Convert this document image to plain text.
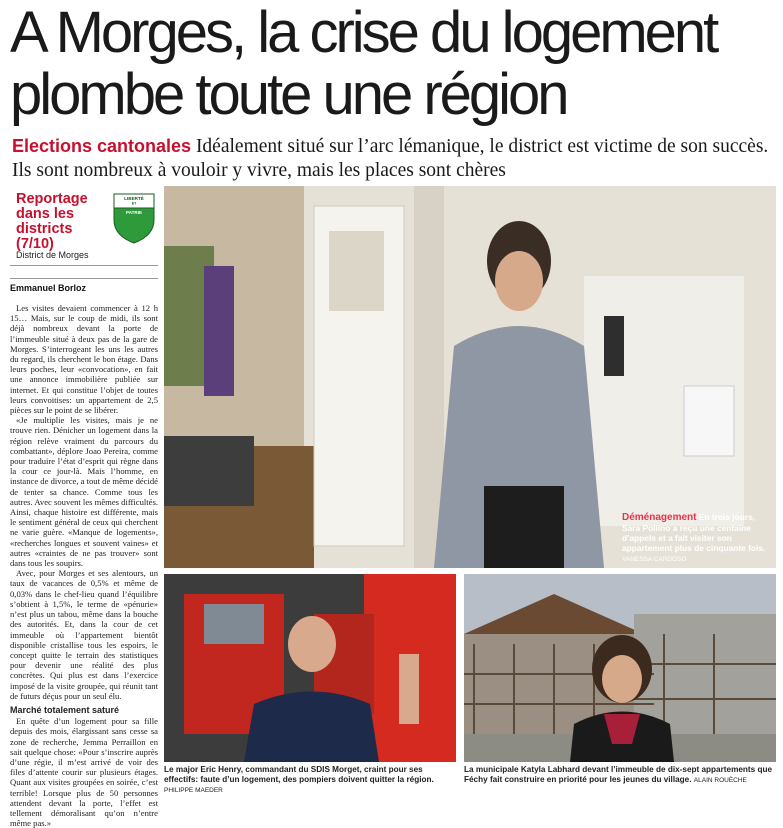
A Morges, la crise du logement
plombe toute une région
Elections cantonales Idéalement situé sur l’arc lémanique, le district est victime de son succès. Ils sont nombreux à vouloir y vivre, mais les places sont chères
Reportage dans les districts (7/10)
LIBERTÉ
ET
PATRIE
District de Morges
Emmanuel Borloz

Les visites devaient commencer à 12 h 15… Mais, sur le coup de midi, ils sont déjà nombreux devant la porte de l’immeuble situé à deux pas de la gare de Morges. S’interrogeant les uns les autres du regard, ils cherchent le bon étage. Dans leurs poches, leur «convocation», en fait une annonce immobilière publiée sur internet. Et qui constitue l’objet de toutes leurs convoitises: un appartement de 2,5 pièces sur le point de se libérer.

«Je multiplie les visites, mais je ne trouve rien. Dénicher un logement dans la région relève vraiment du parcours du combattant», déplore Joao Pereira, comme pour traduire l’état d’esprit qui règne dans la cour ce jour-là. Mais l’homme, en instance de divorce, a tout de même décidé de tenter sa chance. Comme tous les autres. Avec souvent les mêmes difficultés. Ainsi, chaque histoire est différente, mais le sentiment général de ceux qui cherchent ne varie guère. «Manque de logements», «recherches longues et souvent vaines» et autres «craintes de ne pas trouver» sont dans tous les soupirs.

Avec, pour Morges et ses alentours, un taux de vacances de 0,5% et même de 0,03% dans le chef-lieu quand l’équilibre s’obtient à 1,5%, le terme de «pénurie» n’est plus un tabou, même dans la bouche des autorités. Et, dans la cour de cet immeuble où l’appartement bientôt disponible cristallise tous les espoirs, le concept quitte le terrain des statistiques pour devenir une réalité des plus concrètes. Qui plus est dans l’exercice imposé de la visite groupée, qui réunit tant de futurs déçus pour un seul élu.

Marché totalement saturé

En quête d’un logement pour sa fille depuis des mois, élargissant sans cesse sa zone de recherche, Jemma Perraillon en sait quelque chose: «Pour s’inscrire auprès d’une régie, il m’est arrivé de voir des files d’attente courir sur plusieurs étages. Quant aux visites groupées en soirée, c’est terrible! Lorsque plus de 50 personnes attendent devant la porte, l’effet est tellement démoralisant qu’on n’entre même pas.»

Déménagement En trois jours, Sara Pollino a reçu une centaine d’appels et a fait visiter son appartement plus de cinquante fois. VANESSA CARDOSO
Le major Eric Henry, commandant du SDIS Morget, craint pour ses effectifs: faute d’un logement, des pompiers doivent quitter la région. PHILIPPE MAEDER
La municipale Katyla Labhard devant l’immeuble de dix-sept appartements que Féchy fait construire en priorité pour les jeunes du village. ALAIN ROUÈCHE
